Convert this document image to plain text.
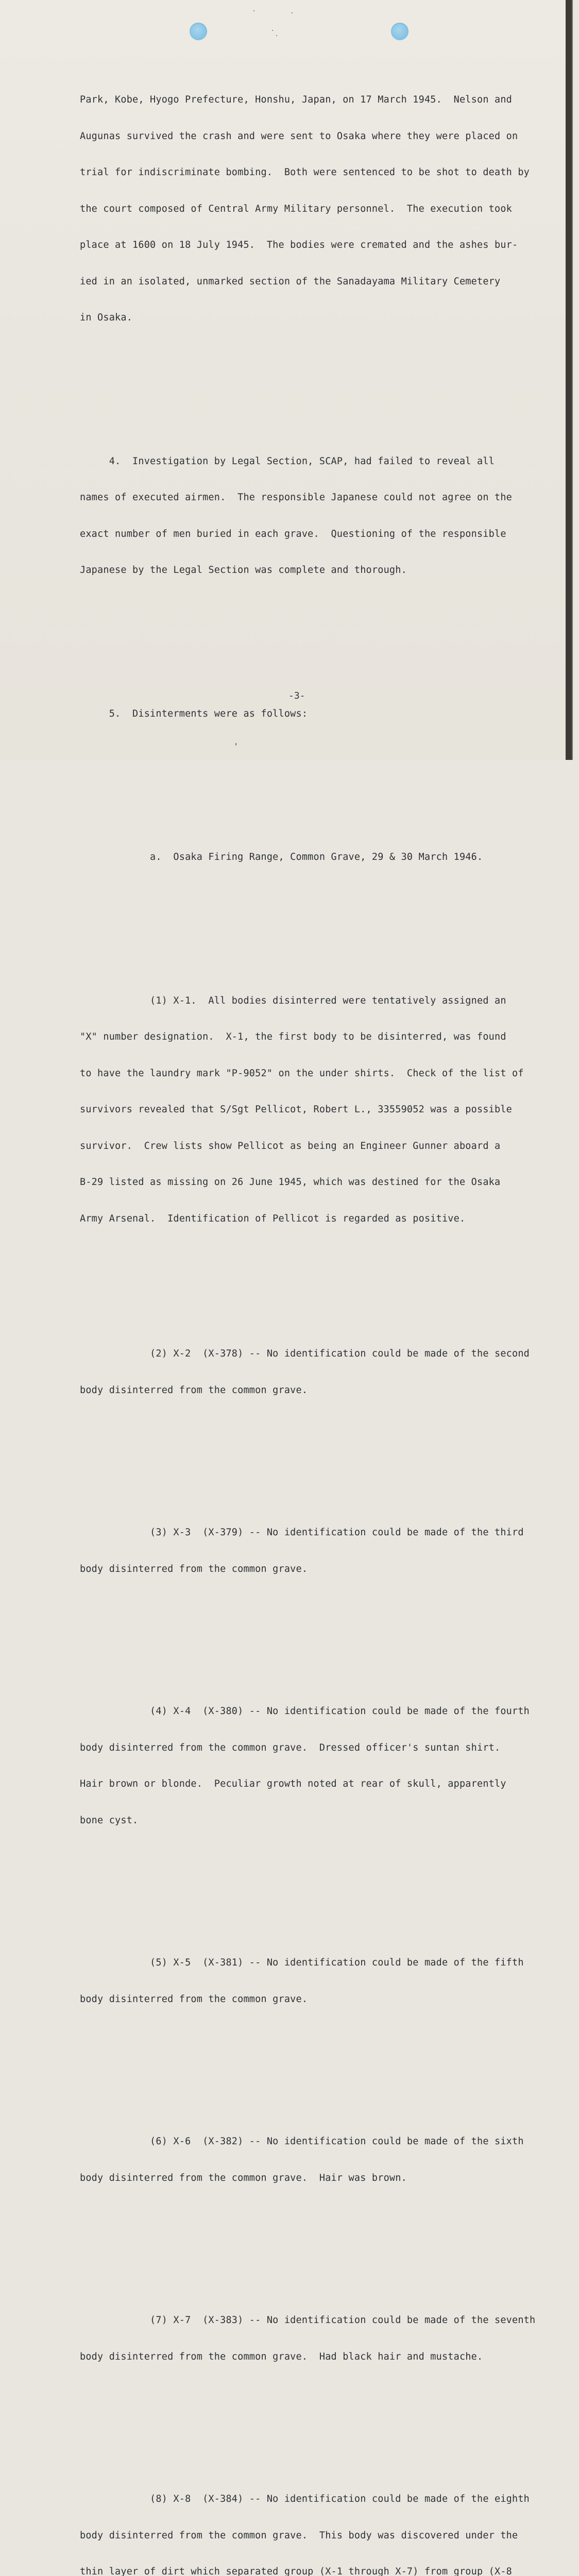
Park, Kobe, Hyogo Prefecture, Honshu, Japan, on 17 March 1945.  Nelson and

Augunas survived the crash and were sent to Osaka where they were placed on

trial for indiscriminate bombing.  Both were sentenced to be shot to death by

the court composed of Central Army Military personnel.  The execution took

place at 1600 on 18 July 1945.  The bodies were cremated and the ashes bur-

ied in an isolated, unmarked section of the Sanadayama Military Cemetery

in Osaka.

4.  Investigation by Legal Section, SCAP, had failed to reveal all

names of executed airmen.  The responsible Japanese could not agree on the

exact number of men buried in each grave.  Questioning of the responsible

Japanese by the Legal Section was complete and thorough.

5.  Disinterments were as follows:

a.  Osaka Firing Range, Common Grave, 29 & 30 March 1946.

(1) X-1.  All bodies disinterred were tentatively assigned an

"X" number designation.  X-1, the first body to be disinterred, was found

to have the laundry mark "P-9052" on the under shirts.  Check of the list of

survivors revealed that S/Sgt Pellicot, Robert L., 33559052 was a possible

survivor.  Crew lists show Pellicot as being an Engineer Gunner aboard a

B-29 listed as missing on 26 June 1945, which was destined for the Osaka

Army Arsenal.  Identification of Pellicot is regarded as positive.

(2) X-2  (X-378) -- No identification could be made of the second

body disinterred from the common grave.

(3) X-3  (X-379) -- No identification could be made of the third

body disinterred from the common grave.

(4) X-4  (X-380) -- No identification could be made of the fourth

body disinterred from the common grave.  Dressed officer's suntan shirt.

Hair brown or blonde.  Peculiar growth noted at rear of skull, apparently

bone cyst.

(5) X-5  (X-381) -- No identification could be made of the fifth

body disinterred from the common grave.

(6) X-6  (X-382) -- No identification could be made of the sixth

body disinterred from the common grave.  Hair was brown.

(7) X-7  (X-383) -- No identification could be made of the seventh

body disinterred from the common grave.  Had black hair and mustache.

(8) X-8  (X-384) -- No identification could be made of the eighth

body disinterred from the common grave.  This body was discovered under the

thin layer of dirt which separated group (X-1 through X-7) from group (X-8

-3-
